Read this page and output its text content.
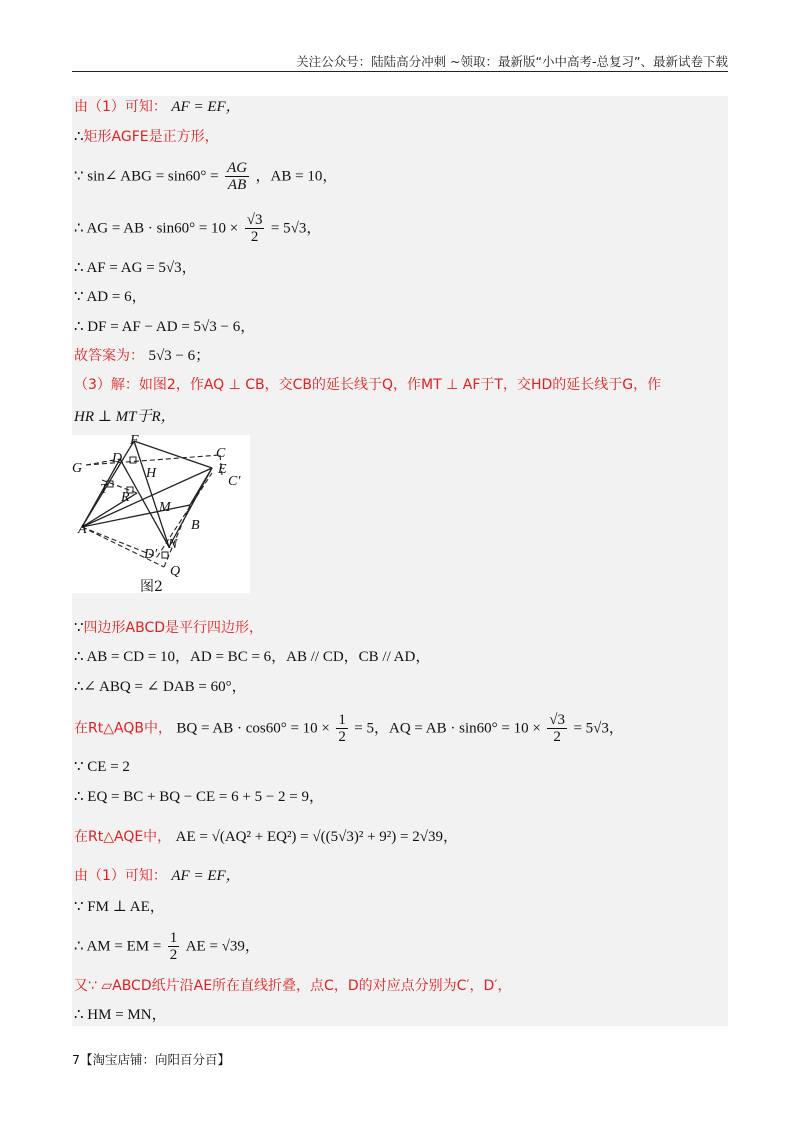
关注公众号：陆陆高分冲刺 ~领取：最新版“小中高考-总复习”、最新试卷下载
由（1）可知： AF = EF，
∴矩形AGFE是正方形，
∵ sin∠ ABG = $\sin 60^\circ = \frac{AG}{AB}$ ，AB = 10，
∴ AG = AB · $\sin 60^\circ = 10 \times \frac{√3}{2} = 5√3$，
∴ AF = AG = 5√3，
∵ AD = 6，
∴ DF = AF − AD = 5√3 − 6，
故答案为： 5√3 − 6；
（3）解：如图2，作AQ ⊥ CB，交CB的延长线于Q，作MT ⊥ AF于T，交HD的延长线于G，作
HR ⊥ MT于R，
F
C
D
G	H	E
C′
T
R
M
A	B
N
D′
Q
图2
∵四边形ABCD是平行四边形，
∴ AB = CD = 10，AD = BC = 6，AB // CD，CB // AD，
∴∠ ABQ = ∠ DAB = 60°，
在Rt△AQB中， BQ = AB · $\cos 60^\circ = 10 \times \frac{1}{2} = 5$，AQ = AB · $\sin 60^\circ = 10 \times \frac{√3}{2} = 5√3$，
∵ CE = 2
∴ EQ = BC + BQ − CE = 6 + 5 − 2 = 9，
在Rt△AQE中， AE = √(AQ² + EQ²) = √((5√3)² + 9²) = 2√39，
由（1）可知： AF = EF，
∵ FM ⊥ AE，
∴ AM = EM = $\frac{1}{2}$ AE = √39，
又∵ ▱ABCD纸片沿AE所在直线折叠，点C，D的对应点分别为C′，D′，
∴ HM = MN，
7【淘宝店铺：向阳百分百】
